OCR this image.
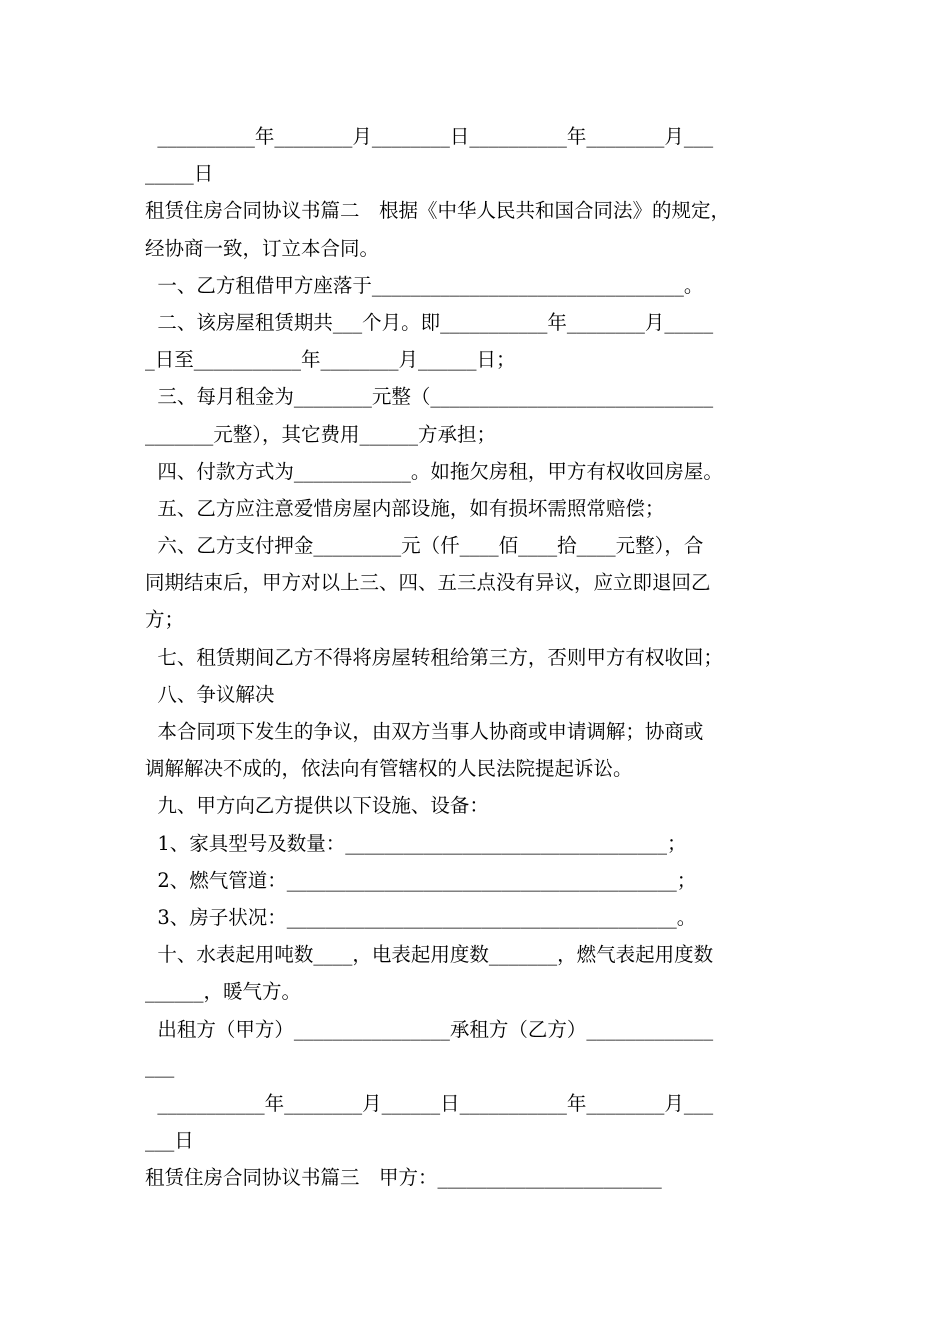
__________年________月________日__________年________月___

_____日

租赁住房合同协议书篇二　根据《中华人民共和国合同法》的规定，

经协商一致，订立本合同。

一、乙方租借甲方座落于________________________________。

二、该房屋租赁期共___个月。即___________年________月_____

_日至___________年________月______日；

三、每月租金为________元整（_____________________________

_______元整），其它费用______方承担；

四、付款方式为____________。如拖欠房租，甲方有权收回房屋。

五、乙方应注意爱惜房屋内部设施，如有损坏需照常赔偿；

六、乙方支付押金_________元（仟____佰____拾____元整），合

同期结束后，甲方对以上三、四、五三点没有异议，应立即退回乙

方；

七、租赁期间乙方不得将房屋转租给第三方，否则甲方有权收回；

八、争议解决

本合同项下发生的争议，由双方当事人协商或申请调解；协商或

调解解决不成的，依法向有管辖权的人民法院提起诉讼。

九、甲方向乙方提供以下设施、设备：

1、家具型号及数量：_________________________________；

2、燃气管道：________________________________________；

3、房子状况：________________________________________。

十、水表起用吨数____，电表起用度数_______，燃气表起用度数

______，暖气方。

出租方（甲方）________________承租方（乙方）_____________

___

___________年________月______日___________年________月___

___日

租赁住房合同协议书篇三　甲方：_______________________
